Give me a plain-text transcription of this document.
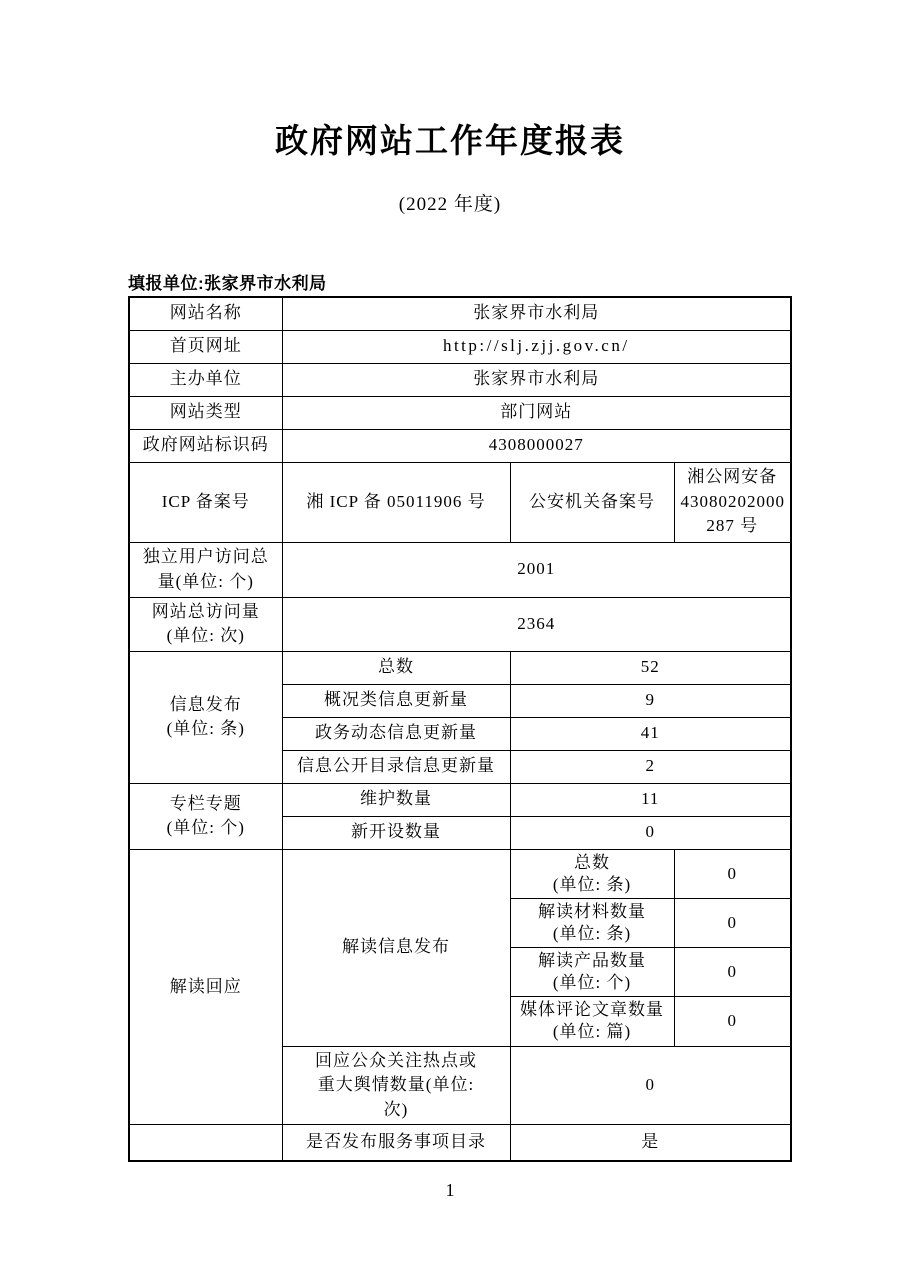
政府网站工作年度报表
(2022 年度)
填报单位:张家界市水利局
网站名称	张家界市水利局		
首页网址	http://slj.zjj.gov.cn/		
主办单位	张家界市水利局		
网站类型	部门网站		
政府网站标识码	4308000027		
ICP 备案号	湘 ICP 备 05011906 号	公安机关备案号	湘公网安备
43080202000
287 号
独立用户访问总
量(单位: 个)	2001		
网站总访问量
(单位: 次)	2364		
信息发布
(单位: 条)	总数	52	
	概况类信息更新量	9	
	政务动态信息更新量	41	
	信息公开目录信息更新量	2	
专栏专题
(单位: 个)	维护数量	11	
	新开设数量	0	
解读回应	解读信息发布	总数
(单位: 条)	0
		解读材料数量
(单位: 条)	0
		解读产品数量
(单位: 个)	0
		媒体评论文章数量
(单位: 篇)	0
	回应公众关注热点或
重大舆情数量(单位:
次)	0	
	是否发布服务事项目录	是	
1
